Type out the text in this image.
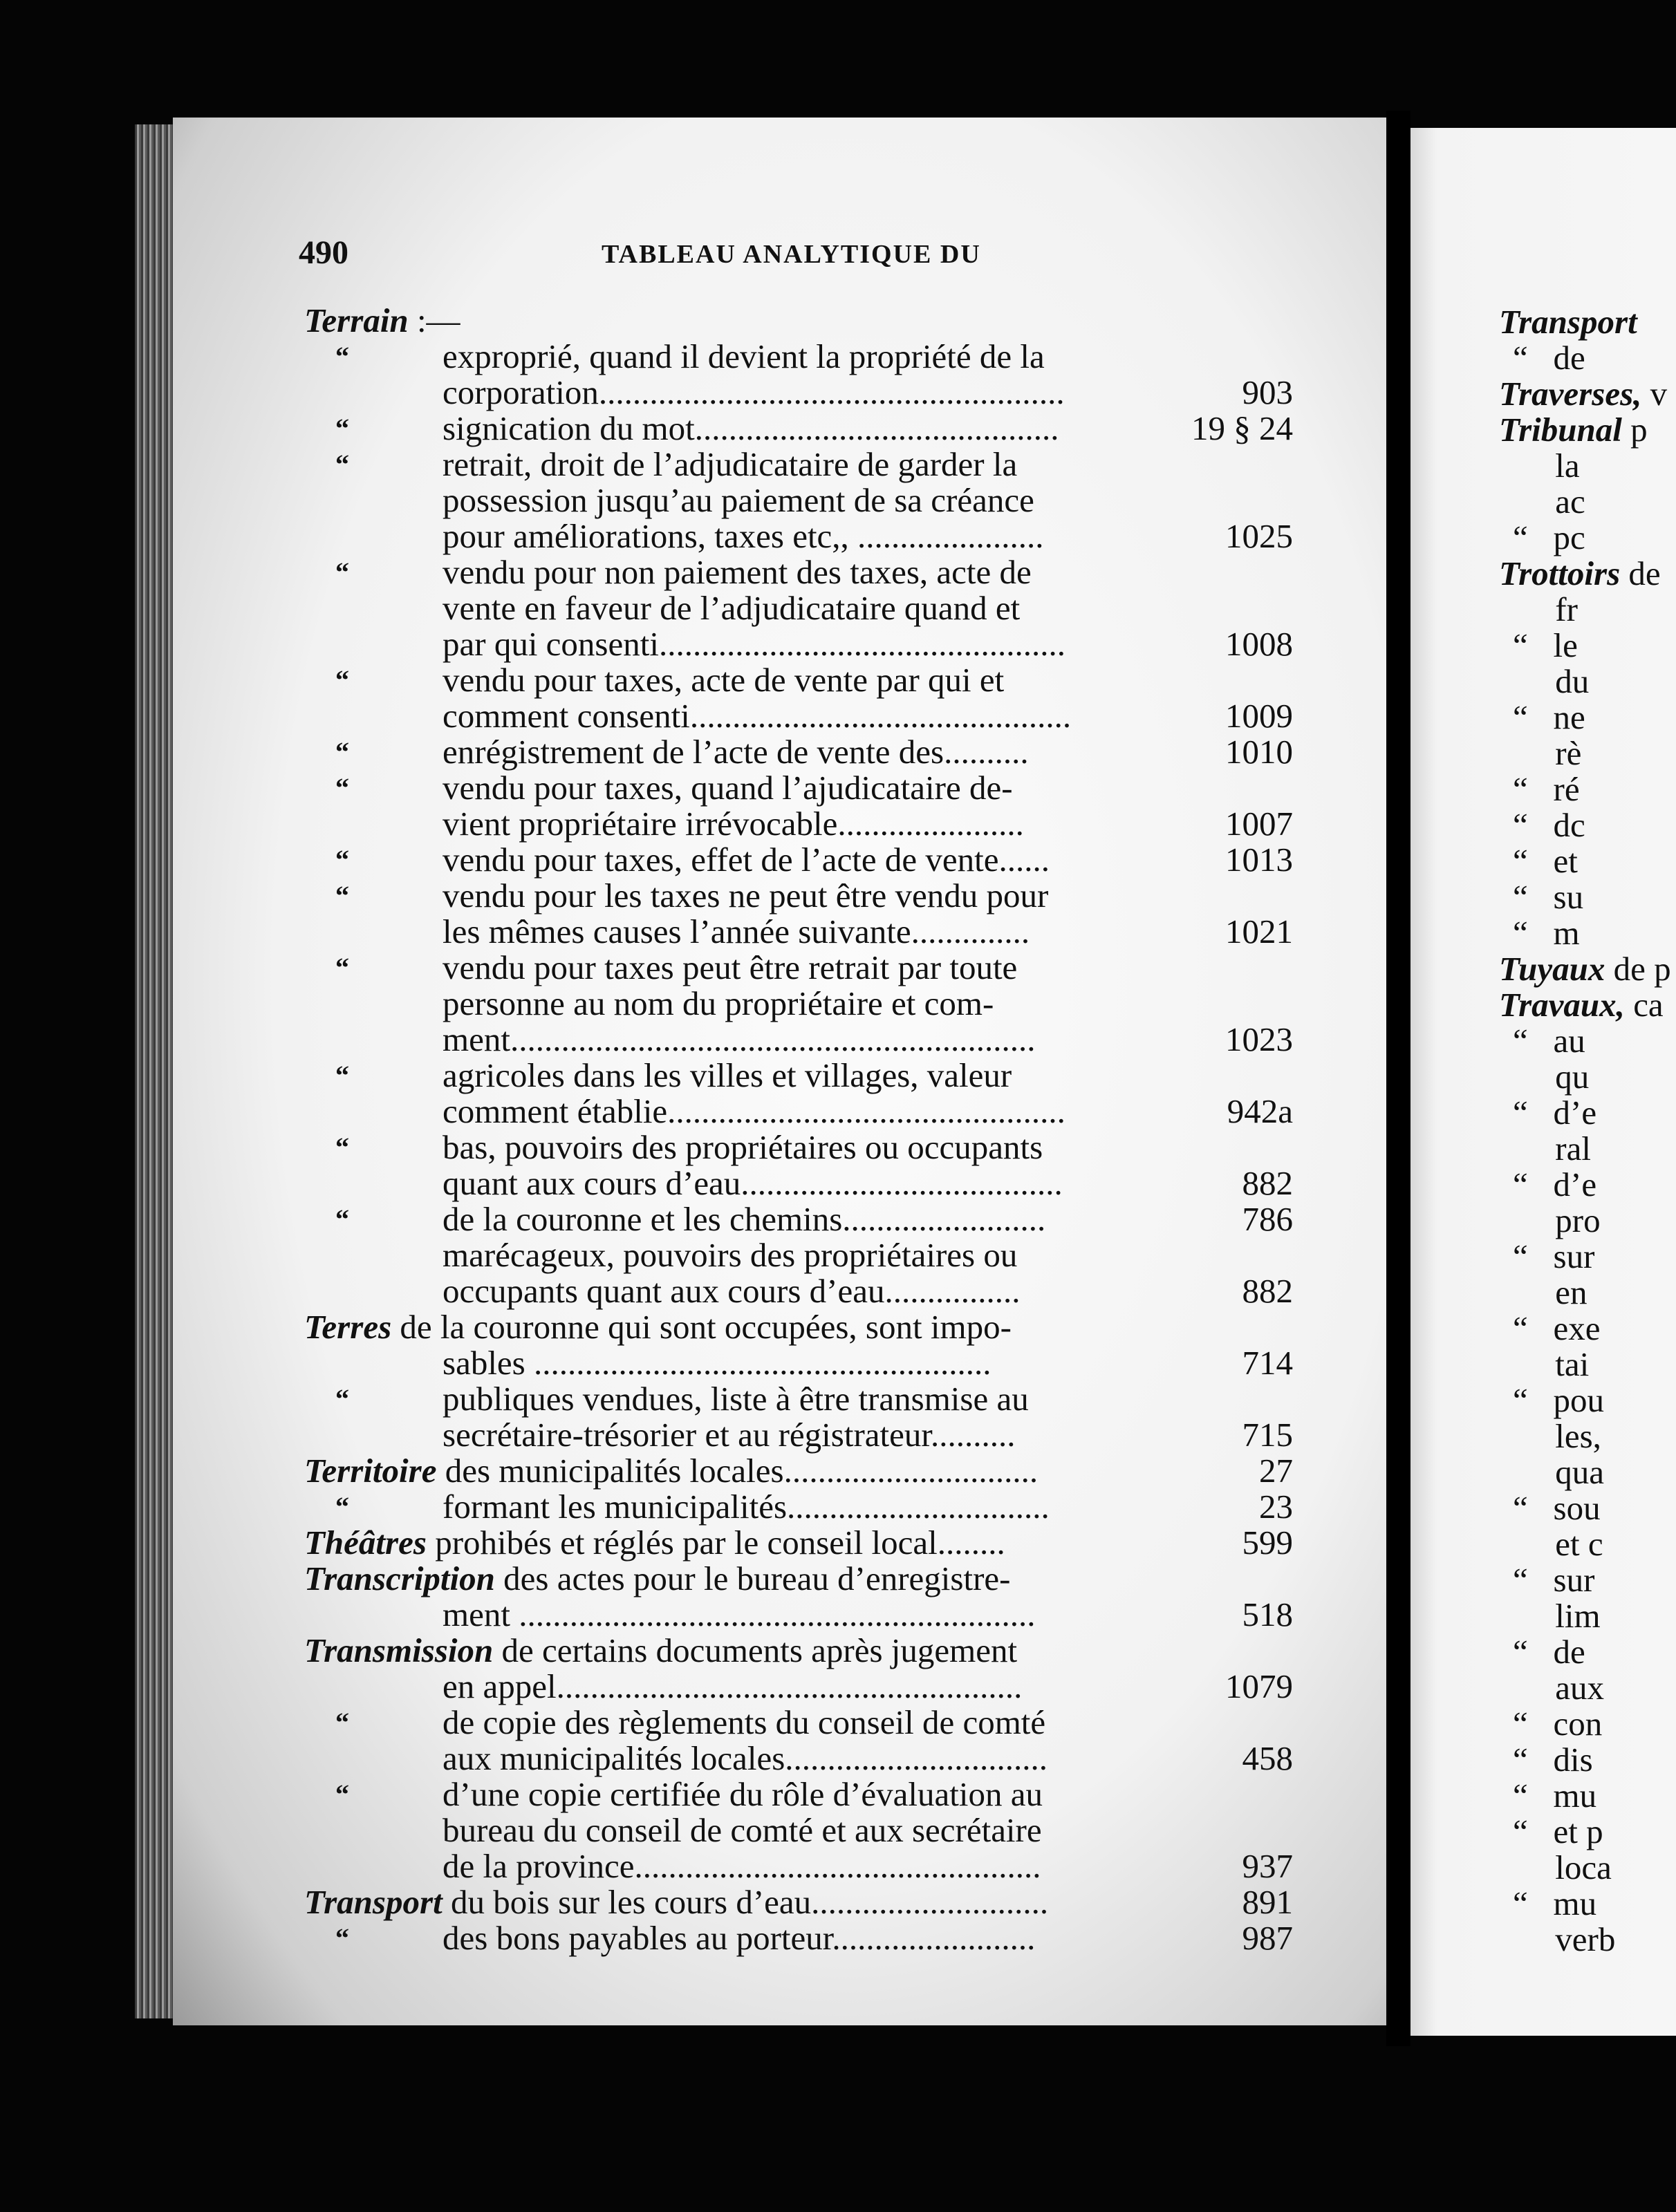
490	TABLEAU ANALYTIQUE DU
Terrain :—
“	exproprié, quand il devient la propriété de la
corporation.......................................................	903
“	signication du mot...........................................	19 § 24
“	retrait, droit de l’adjudicataire de garder la
possession jusqu’au paiement de sa créance
pour améliorations, taxes etc,, ......................	1025
“	vendu pour non paiement des taxes, acte de
vente en faveur de l’adjudicataire quand et
par qui consenti................................................	1008
“	vendu pour taxes, acte de vente par qui et
comment consenti.............................................	1009
“	enrégistrement de l’acte de vente des..........	1010
“	vendu pour taxes, quand l’ajudicataire de-
vient propriétaire irrévocable......................	1007
“	vendu pour taxes, effet de l’acte de vente......	1013
“	vendu pour les taxes ne peut être vendu pour
les mêmes causes l’année suivante..............	1021
“	vendu pour taxes peut être retrait par toute
personne au nom du propriétaire et com-
ment..............................................................	1023
“	agricoles dans les villes et villages, valeur
comment établie...............................................	942a
“	bas, pouvoirs des propriétaires ou occupants
quant aux cours d’eau......................................	882
“	de la couronne et les chemins........................	786
marécageux, pouvoirs des propriétaires ou
occupants quant aux cours d’eau................	882
Terres de la couronne qui sont occupées, sont impo-
sables ......................................................	714
“	publiques vendues, liste à être transmise au
secrétaire-trésorier et au régistrateur..........	715
Territoire des municipalités locales..............................	27
“	formant les municipalités...............................	23
Théâtres prohibés et réglés par le conseil local........	599
Transcription des actes pour le bureau d’enregistre-
ment .............................................................	518
Transmission de certains documents après jugement
en appel.......................................................	1079
“	de copie des règlements du conseil de comté
aux municipalités locales...............................	458
“	d’une copie certifiée du rôle d’évaluation au
bureau du conseil de comté et aux secrétaire
de la province................................................	937
Transport du bois sur les cours d’eau............................	891
“	des bons payables au porteur........................	987
Transport
“   de
Traverses, v
Tribunal p
la
ac
“   pc
Trottoirs de
fr
“   le
du
“   ne
rè
“   ré
“   dc
“   et
“   su
“   m
Tuyaux de p
Travaux, ca
“   au
qu
“   d’e
ral
“   d’e
pro
“   sur
en
“   exe
tai
“   pou
les,
qua
“   sou
et c
“   sur
lim
“   de
aux
“   con
“   dis
“   mu
“   et p
loca
“   mu
verb
